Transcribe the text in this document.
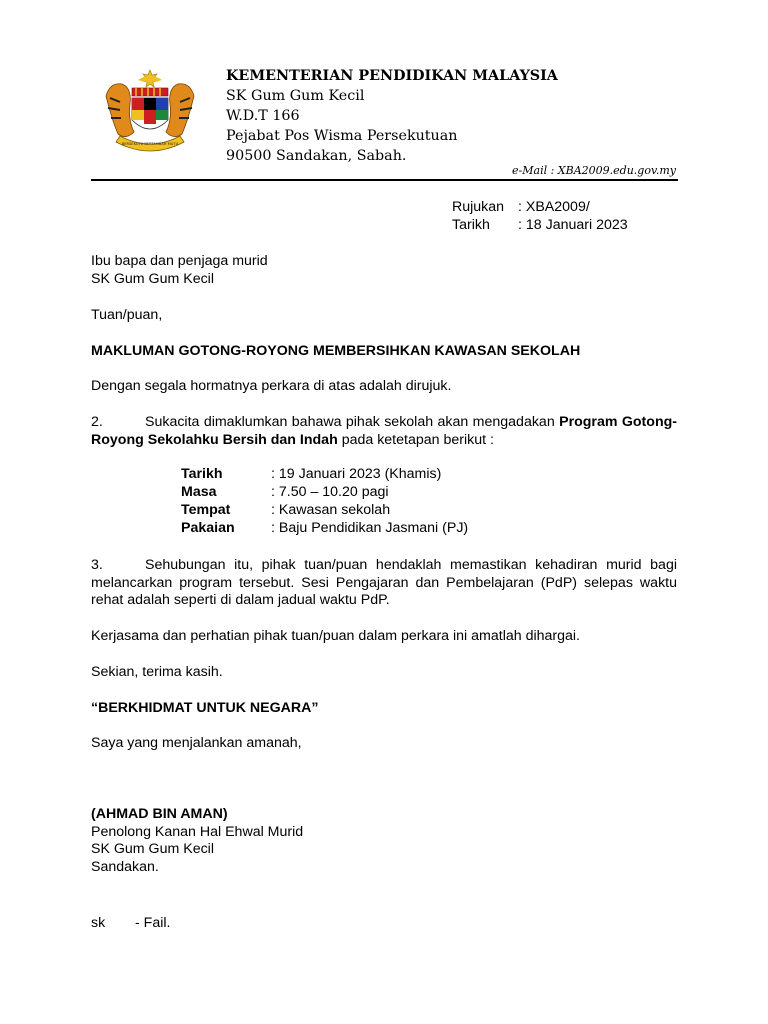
BERSEKUTU BERTAMBAH MUTU
KEMENTERIAN PENDIDIKAN MALAYSIA
SK Gum Gum Kecil
W.D.T 166
Pejabat Pos Wisma Persekutuan
90500 Sandakan, Sabah.
e-Mail : XBA2009.edu.gov.my
Rujukan : XBA2009/
Tarikh	: 18 Januari 2023
Ibu bapa dan penjaga murid
SK Gum Gum Kecil
Tuan/puan,
MAKLUMAN GOTONG-ROYONG MEMBERSIHKAN KAWASAN SEKOLAH
Dengan segala hormatnya perkara di atas adalah dirujuk.
2.	Sukacita dimaklumkan bahawa pihak sekolah akan mengadakan Program Gotong-Royong Sekolahku Bersih dan Indah pada ketetapan berikut :
Tarikh	: 19 Januari 2023 (Khamis)
Masa	: 7.50 – 10.20 pagi
Tempat	: Kawasan sekolah
Pakaian	: Baju Pendidikan Jasmani (PJ)
3.	Sehubungan itu, pihak tuan/puan hendaklah memastikan kehadiran murid bagi melancarkan program tersebut. Sesi Pengajaran dan Pembelajaran (PdP) selepas waktu rehat adalah seperti di dalam jadual waktu PdP.
Kerjasama dan perhatian pihak tuan/puan dalam perkara ini amatlah dihargai.
Sekian, terima kasih.
“BERKHIDMAT UNTUK NEGARA”
Saya yang menjalankan amanah,
(AHMAD BIN AMAN)
Penolong Kanan Hal Ehwal Murid
SK Gum Gum Kecil
Sandakan.
sk	- Fail.
